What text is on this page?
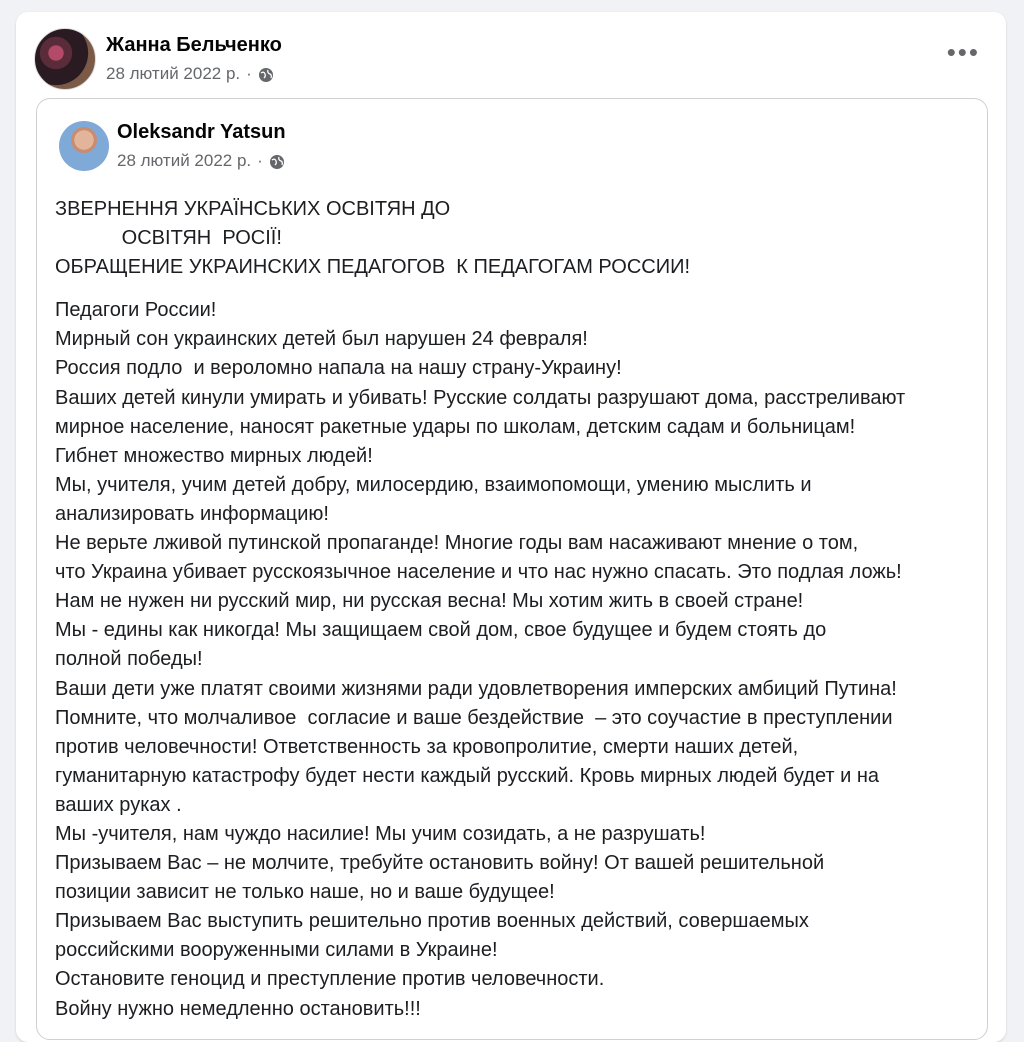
Жанна Бельченко
28 лютий 2022 р. ·
•••
Oleksandr Yatsun
28 лютий 2022 р. ·

ЗВЕРНЕННЯ УКРАЇНСЬКИХ ОСВІТЯН ДО

ОСВІТЯН  РОСІЇ!

ОБРАЩЕНИЕ УКРАИНСКИХ ПЕДАГОГОВ  К ПЕДАГОГАМ РОССИИ!

Педагоги России!

Мирный сон украинских детей был нарушен 24 февраля!

Россия подло  и вероломно напала на нашу страну-Украину!

Ваших детей кинули умирать и убивать! Русские солдаты разрушают дома, расстреливают

мирное население, наносят ракетные удары по школам, детским садам и больницам!

Гибнет множество мирных людей!

Мы, учителя, учим детей добру, милосердию, взаимопомощи, умению мыслить и

анализировать информацию!

Не верьте лживой путинской пропаганде! Многие годы вам насаживают мнение о том,

что Украина убивает русскоязычное население и что нас нужно спасать. Это подлая ложь!

Нам не нужен ни русский мир, ни русская весна! Мы хотим жить в своей стране!

Мы - едины как никогда! Мы защищаем свой дом, свое будущее и будем стоять до

полной победы!

Ваши дети уже платят своими жизнями ради удовлетворения имперских амбиций Путина!

Помните, что молчаливое  согласие и ваше бездействие  – это соучастие в преступлении

против человечности! Ответственность за кровопролитие, смерти наших детей,

гуманитарную катастрофу будет нести каждый русский. Кровь мирных людей будет и на

ваших руках .

Мы -учителя, нам чуждо насилие! Мы учим созидать, а не разрушать!

Призываем Вас – не молчите, требуйте остановить войну! От вашей решительной

позиции зависит не только наше, но и ваше будущее!

Призываем Вас выступить решительно против военных действий, совершаемых

российскими вооруженными силами в Украине!

Остановите геноцид и преступление против человечности.

Войну нужно немедленно остановить!!!
